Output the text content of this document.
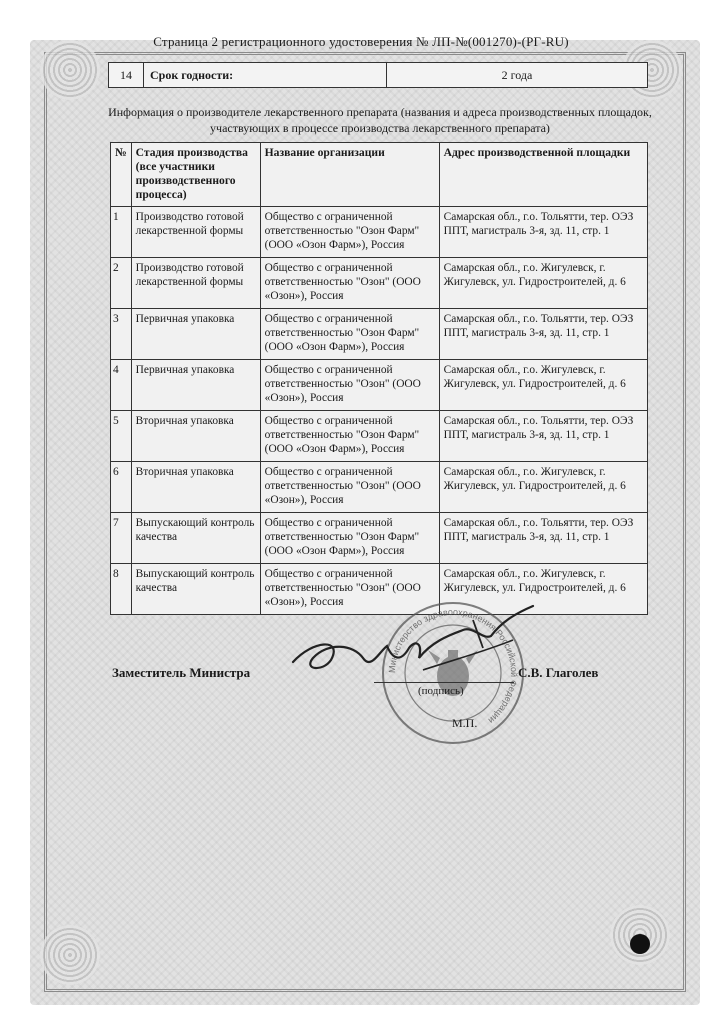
Страница 2 регистрационного удостоверения № ЛП-№(001270)-(РГ-RU)
14	Срок годности:	2 года
Информация о производителе лекарственного препарата (названия и адреса производственных площадок, участвующих в процессе производства лекарственного препарата)
№	Стадия производства (все участники производственного процесса)	Название организации	Адрес производственной площадки
1	Производство готовой лекарственной формы	Общество с ограниченной ответственностью "Озон Фарм" (ООО «Озон Фарм»), Россия	Самарская обл., г.о. Тольятти, тер. ОЭЗ ППТ, магистраль 3-я, зд. 11, стр. 1
2	Производство готовой лекарственной формы	Общество с ограниченной ответственностью "Озон" (ООО «Озон»), Россия	Самарская обл., г.о. Жигулевск, г. Жигулевск, ул. Гидростроителей, д. 6
3	Первичная упаковка	Общество с ограниченной ответственностью "Озон Фарм" (ООО «Озон Фарм»), Россия	Самарская обл., г.о. Тольятти, тер. ОЭЗ ППТ, магистраль 3-я, зд. 11, стр. 1
4	Первичная упаковка	Общество с ограниченной ответственностью "Озон" (ООО «Озон»), Россия	Самарская обл., г.о. Жигулевск, г. Жигулевск, ул. Гидростроителей, д. 6
5	Вторичная упаковка	Общество с ограниченной ответственностью "Озон Фарм" (ООО «Озон Фарм»), Россия	Самарская обл., г.о. Тольятти, тер. ОЭЗ ППТ, магистраль 3-я, зд. 11, стр. 1
6	Вторичная упаковка	Общество с ограниченной ответственностью "Озон" (ООО «Озон»), Россия	Самарская обл., г.о. Жигулевск, г. Жигулевск, ул. Гидростроителей, д. 6
7	Выпускающий контроль качества	Общество с ограниченной ответственностью "Озон Фарм" (ООО «Озон Фарм»), Россия	Самарская обл., г.о. Тольятти, тер. ОЭЗ ППТ, магистраль 3-я, зд. 11, стр. 1
8	Выпускающий контроль качества	Общество с ограниченной ответственностью "Озон" (ООО «Озон»), Россия	Самарская обл., г.о. Жигулевск, г. Жигулевск, ул. Гидростроителей, д. 6
Министерство здравоохранения Российской Федерации
Заместитель Министра
(подпись)
С.В. Глаголев
М.П.
